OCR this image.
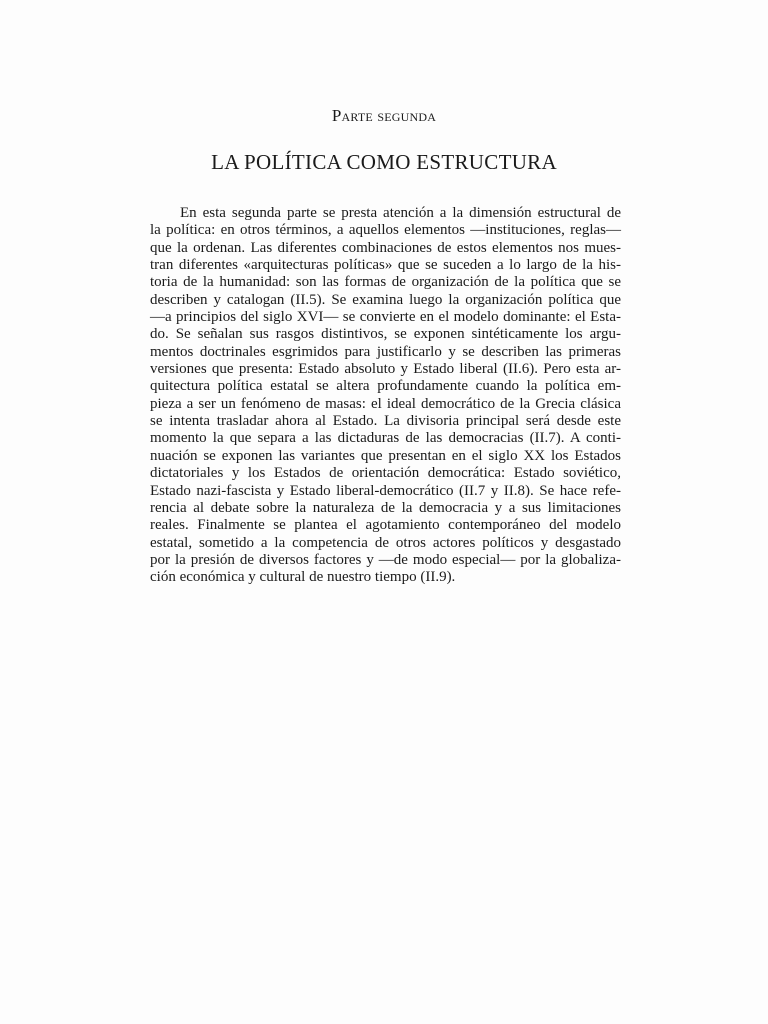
Parte segunda
LA POLÍTICA COMO ESTRUCTURA
En esta segunda parte se presta atención a la dimensión estructural de
la política: en otros términos, a aquellos elementos —instituciones, reglas—
que la ordenan. Las diferentes combinaciones de estos elementos nos mues-
tran diferentes «arquitecturas políticas» que se suceden a lo largo de la his-
toria de la humanidad: son las formas de organización de la política que se
describen y catalogan (II.5). Se examina luego la organización política que
—a principios del siglo XVI— se convierte en el modelo dominante: el Esta-
do. Se señalan sus rasgos distintivos, se exponen sintéticamente los argu-
mentos doctrinales esgrimidos para justificarlo y se describen las primeras
versiones que presenta: Estado absoluto y Estado liberal (II.6). Pero esta ar-
quitectura política estatal se altera profundamente cuando la política em-
pieza a ser un fenómeno de masas: el ideal democrático de la Grecia clásica
se intenta trasladar ahora al Estado. La divisoria principal será desde este
momento la que separa a las dictaduras de las democracias (II.7). A conti-
nuación se exponen las variantes que presentan en el siglo XX los Estados
dictatoriales y los Estados de orientación democrática: Estado soviético,
Estado nazi-fascista y Estado liberal-democrático (II.7 y II.8). Se hace refe-
rencia al debate sobre la naturaleza de la democracia y a sus limitaciones
reales. Finalmente se plantea el agotamiento contemporáneo del modelo
estatal, sometido a la competencia de otros actores políticos y desgastado
por la presión de diversos factores y —de modo especial— por la globaliza-
ción económica y cultural de nuestro tiempo (II.9).
